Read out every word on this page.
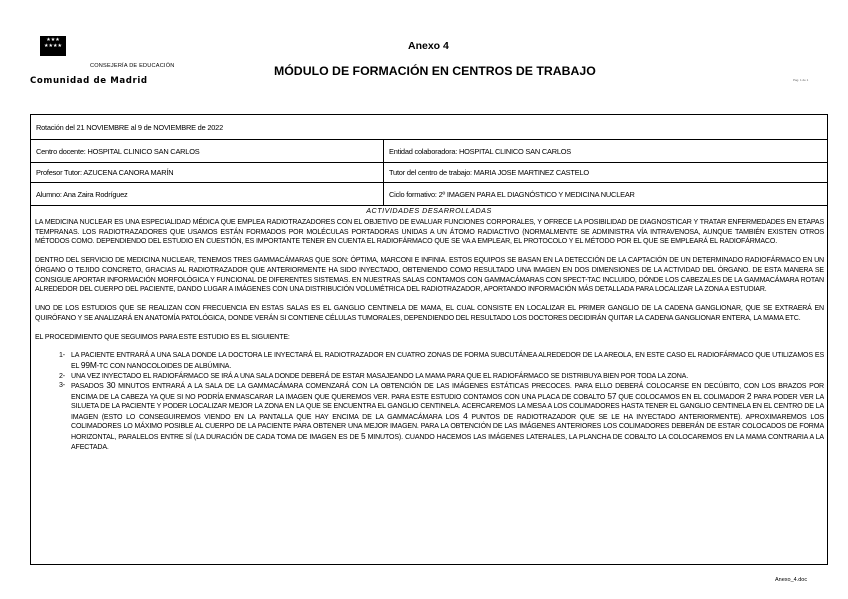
★★★
★★★★
CONSEJERÍA DE EDUCACIÓN
Comunidad de Madrid
Anexo 4
MÓDULO DE FORMACIÓN EN CENTROS DE TRABAJO
Pag. 1 de 1
Rotación del 21 NOVIEMBRE al 9 de NOVIEMBRE de 2022
Centro docente: HOSPITAL CLINICO SAN CARLOS	Entidad colaboradora: HOSPITAL CLINICO SAN CARLOS
Profesor Tutor: AZUCENA CANORA MARÍN	Tutor del centro de trabajo: MARIA JOSE MARTINEZ CASTELO
Alumno: Ana Zaira Rodríguez	Ciclo formativo: 2º IMAGEN PARA EL DIAGNÓSTICO Y MEDICINA NUCLEAR
ACTIVIDADES DESARROLLADAS

LA MEDICINA NUCLEAR ES UNA ESPECIALIDAD MÉDICA QUE EMPLEA RADIOTRAZADORES CON EL OBJETIVO DE EVALUAR FUNCIONES CORPORALES, Y OFRECE LA POSIBILIDAD DE DIAGNOSTICAR Y TRATAR ENFERMEDADES EN ETAPAS TEMPRANAS. LOS RADIOTRAZADORES QUE USAMOS ESTÁN FORMADOS POR MOLÉCULAS PORTADORAS UNIDAS A UN ÁTOMO RADIACTIVO (NORMALMENTE SE ADMINISTRA VÍA INTRAVENOSA, AUNQUE TAMBIÉN EXISTEN OTROS MÉTODOS COMO. DEPENDIENDO DEL ESTUDIO EN CUESTIÓN, ES IMPORTANTE TENER EN CUENTA EL RADIOFÁRMACO QUE SE VA A EMPLEAR, EL PROTOCOLO Y EL MÉTODO POR EL QUE SE EMPLEARÁ EL RADIOFÁRMACO.

DENTRO DEL SERVICIO DE MEDICINA NUCLEAR, TENEMOS TRES GAMMACÁMARAS QUE SON: ÓPTIMA, MARCONI E INFINIA. ESTOS EQUIPOS SE BASAN EN LA DETECCIÓN DE LA CAPTACIÓN DE UN DETERMINADO RADIOFÁRMACO EN UN ÓRGANO O TEJIDO CONCRETO, GRACIAS AL RADIOTRAZADOR QUE ANTERIORMENTE HA SIDO INYECTADO, OBTENIENDO COMO RESULTADO UNA IMAGEN EN DOS DIMENSIONES DE LA ACTIVIDAD DEL ÓRGANO. DE ESTA MANERA SE CONSIGUE APORTAR INFORMACIÓN MORFOLÓGICA Y FUNCIONAL DE DIFERENTES SISTEMAS. EN NUESTRAS SALAS CONTAMOS CON GAMMACÁMARAS CON SPECT-TAC INCLUIDO, DÓNDE LOS CABEZALES DE LA GAMMACÁMARA ROTAN ALREDEDOR DEL CUERPO DEL PACIENTE, DANDO LUGAR A IMÁGENES CON UNA DISTRIBUCIÓN VOLUMÉTRICA DEL RADIOTRAZADOR, APORTANDO INFORMACIÓN MÁS DETALLADA PARA LOCALIZAR LA ZONA A ESTUDIAR.

UNO DE LOS ESTUDIOS QUE SE REALIZAN CON FRECUENCIA EN ESTAS SALAS ES EL GANGLIO CENTINELA DE MAMA, EL CUAL CONSISTE EN LOCALIZAR EL PRIMER GANGLIO DE LA CADENA GANGLIONAR, QUE SE EXTRAERÁ EN QUIRÓFANO Y SE ANALIZARÁ EN ANATOMÍA PATOLÓGICA, DONDE VERÁN SI CONTIENE CÉLULAS TUMORALES, DEPENDIENDO DEL RESULTADO LOS DOCTORES DECIDIRÁN QUITAR LA CADENA GANGLIONAR ENTERA, LA MAMA ETC.

EL PROCEDIMIENTO QUE SEGUIMOS PARA ESTE ESTUDIO ES EL SIGUIENTE:

1- LA PACIENTE ENTRARÁ A UNA SALA DONDE LA DOCTORA LE INYECTARÁ EL RADIOTRAZADOR EN CUATRO ZONAS DE FORMA SUBCUTÁNEA ALREDEDOR DE LA AREOLA, EN ESTE CASO EL RADIOFÁRMACO QUE UTILIZAMOS ES EL 99M-TC CON NANOCOLOIDES DE ALBÚMINA.
2- UNA VEZ INYECTADO EL RADIOFÁRMACO SE IRÁ A UNA SALA DONDE DEBERÁ DE ESTAR MASAJEANDO LA MAMA PARA QUE EL RADIOFÁRMACO SE DISTRIBUYA BIEN POR TODA LA ZONA.
3- PASADOS 30 MINUTOS ENTRARÁ A LA SALA DE LA GAMMACÁMARA COMENZARÁ CON LA OBTENCIÓN DE LAS IMÁGENES ESTÁTICAS PRECOCES. PARA ELLO DEBERÁ COLOCARSE EN DECÚBITO, CON LOS BRAZOS POR ENCIMA DE LA CABEZA YA QUE SI NO PODRÍA ENMASCARAR LA IMAGEN QUE QUEREMOS VER. PARA ESTE ESTUDIO CONTAMOS CON UNA PLACA DE COBALTO 57 QUE COLOCAMOS EN EL COLIMADOR 2 PARA PODER VER LA SILUETA DE LA PACIENTE Y PODER LOCALIZAR MEJOR LA ZONA EN LA QUE SE ENCUENTRA EL GANGLIO CENTINELA. ACERCAREMOS LA MESA A LOS COLIMADORES HASTA TENER EL GANGLIO CENTINELA EN EL CENTRO DE LA IMAGEN (ESTO LO CONSEGUIREMOS VIENDO EN LA PANTALLA QUE HAY ENCIMA DE LA GAMMACÁMARA LOS 4 PUNTOS DE RADIOTRAZADOR QUE SE LE HA INYECTADO ANTERIORMENTE). APROXIMAREMOS LOS COLIMADORES LO MÁXIMO POSIBLE AL CUERPO DE LA PACIENTE PARA OBTENER UNA MEJOR IMAGEN. PARA LA OBTENCIÓN DE LAS IMÁGENES ANTERIORES LOS COLIMADORES DEBERÁN DE ESTAR COLOCADOS DE FORMA HORIZONTAL, PARALELOS ENTRE SÍ (LA DURACIÓN DE CADA TOMA DE IMAGEN ES DE 5 MINUTOS). CUANDO HACEMOS LAS IMÁGENES LATERALES, LA PLANCHA DE COBALTO LA COLOCAREMOS EN LA MAMA CONTRARIA A LA AFECTADA.
Anexo_4.doc
